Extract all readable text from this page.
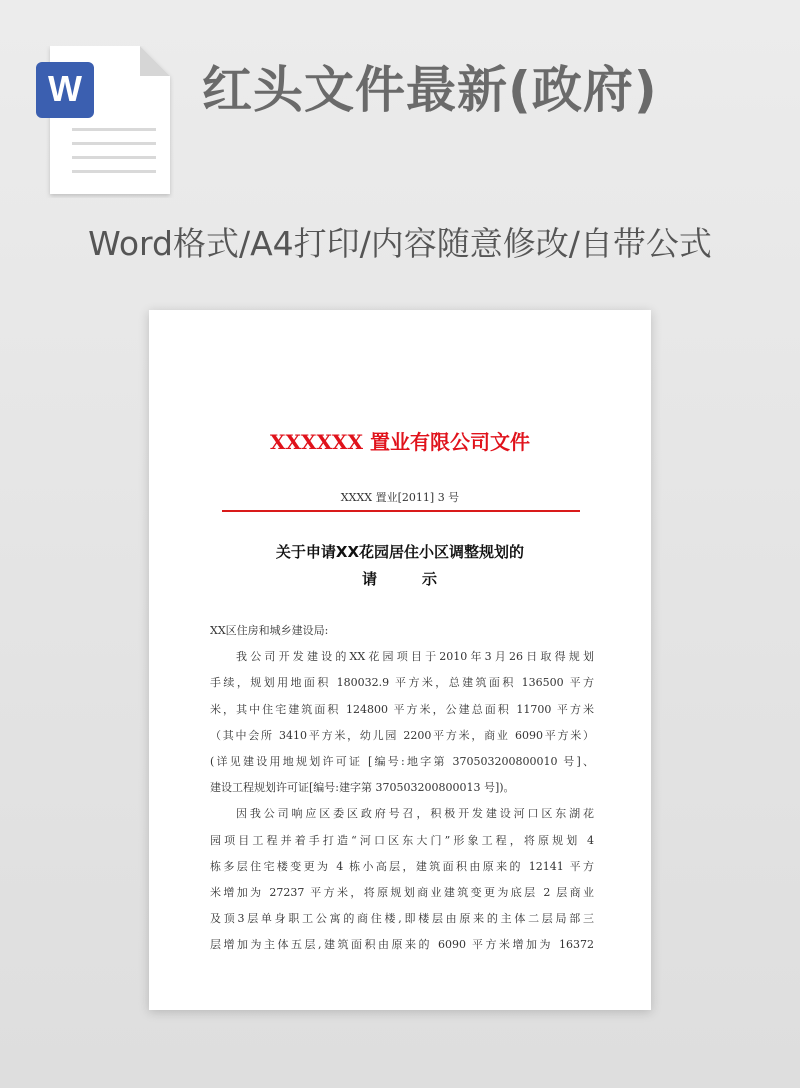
W 红头文件最新(政府)
Word格式/A4打印/内容随意修改/自带公式
XXXXXX 置业有限公司文件
XXXX 置业[2011] 3 号
关于申请XX花园居住小区调整规划的
请	示
XX区住房和城乡建设局:
我公司开发建设的XX花园项目于2010年3月26日取得规划
手续，规划用地面积 180032.9 平方米，总建筑面积 136500 平方
米，其中住宅建筑面积 124800 平方米，公建总面积 11700 平方米
（其中会所 3410平方米，幼儿园 2200平方米，商业 6090平方米）
(详见建设用地规划许可证 [编号:地字第 370503200800010 号]、
建设工程规划许可证[编号:建字第 370503200800013 号])。
因我公司响应区委区政府号召，积极开发建设河口区东湖花
园项目工程并着手打造“河口区东大门”形象工程，将原规划 4
栋多层住宅楼变更为 4 栋小高层，建筑面积由原来的 12141 平方
米增加为 27237 平方米，将原规划商业建筑变更为底层 2 层商业
及顶3层单身职工公寓的商住楼,即楼层由原来的主体二层局部三
层增加为主体五层,建筑面积由原来的 6090 平方米增加为 16372
